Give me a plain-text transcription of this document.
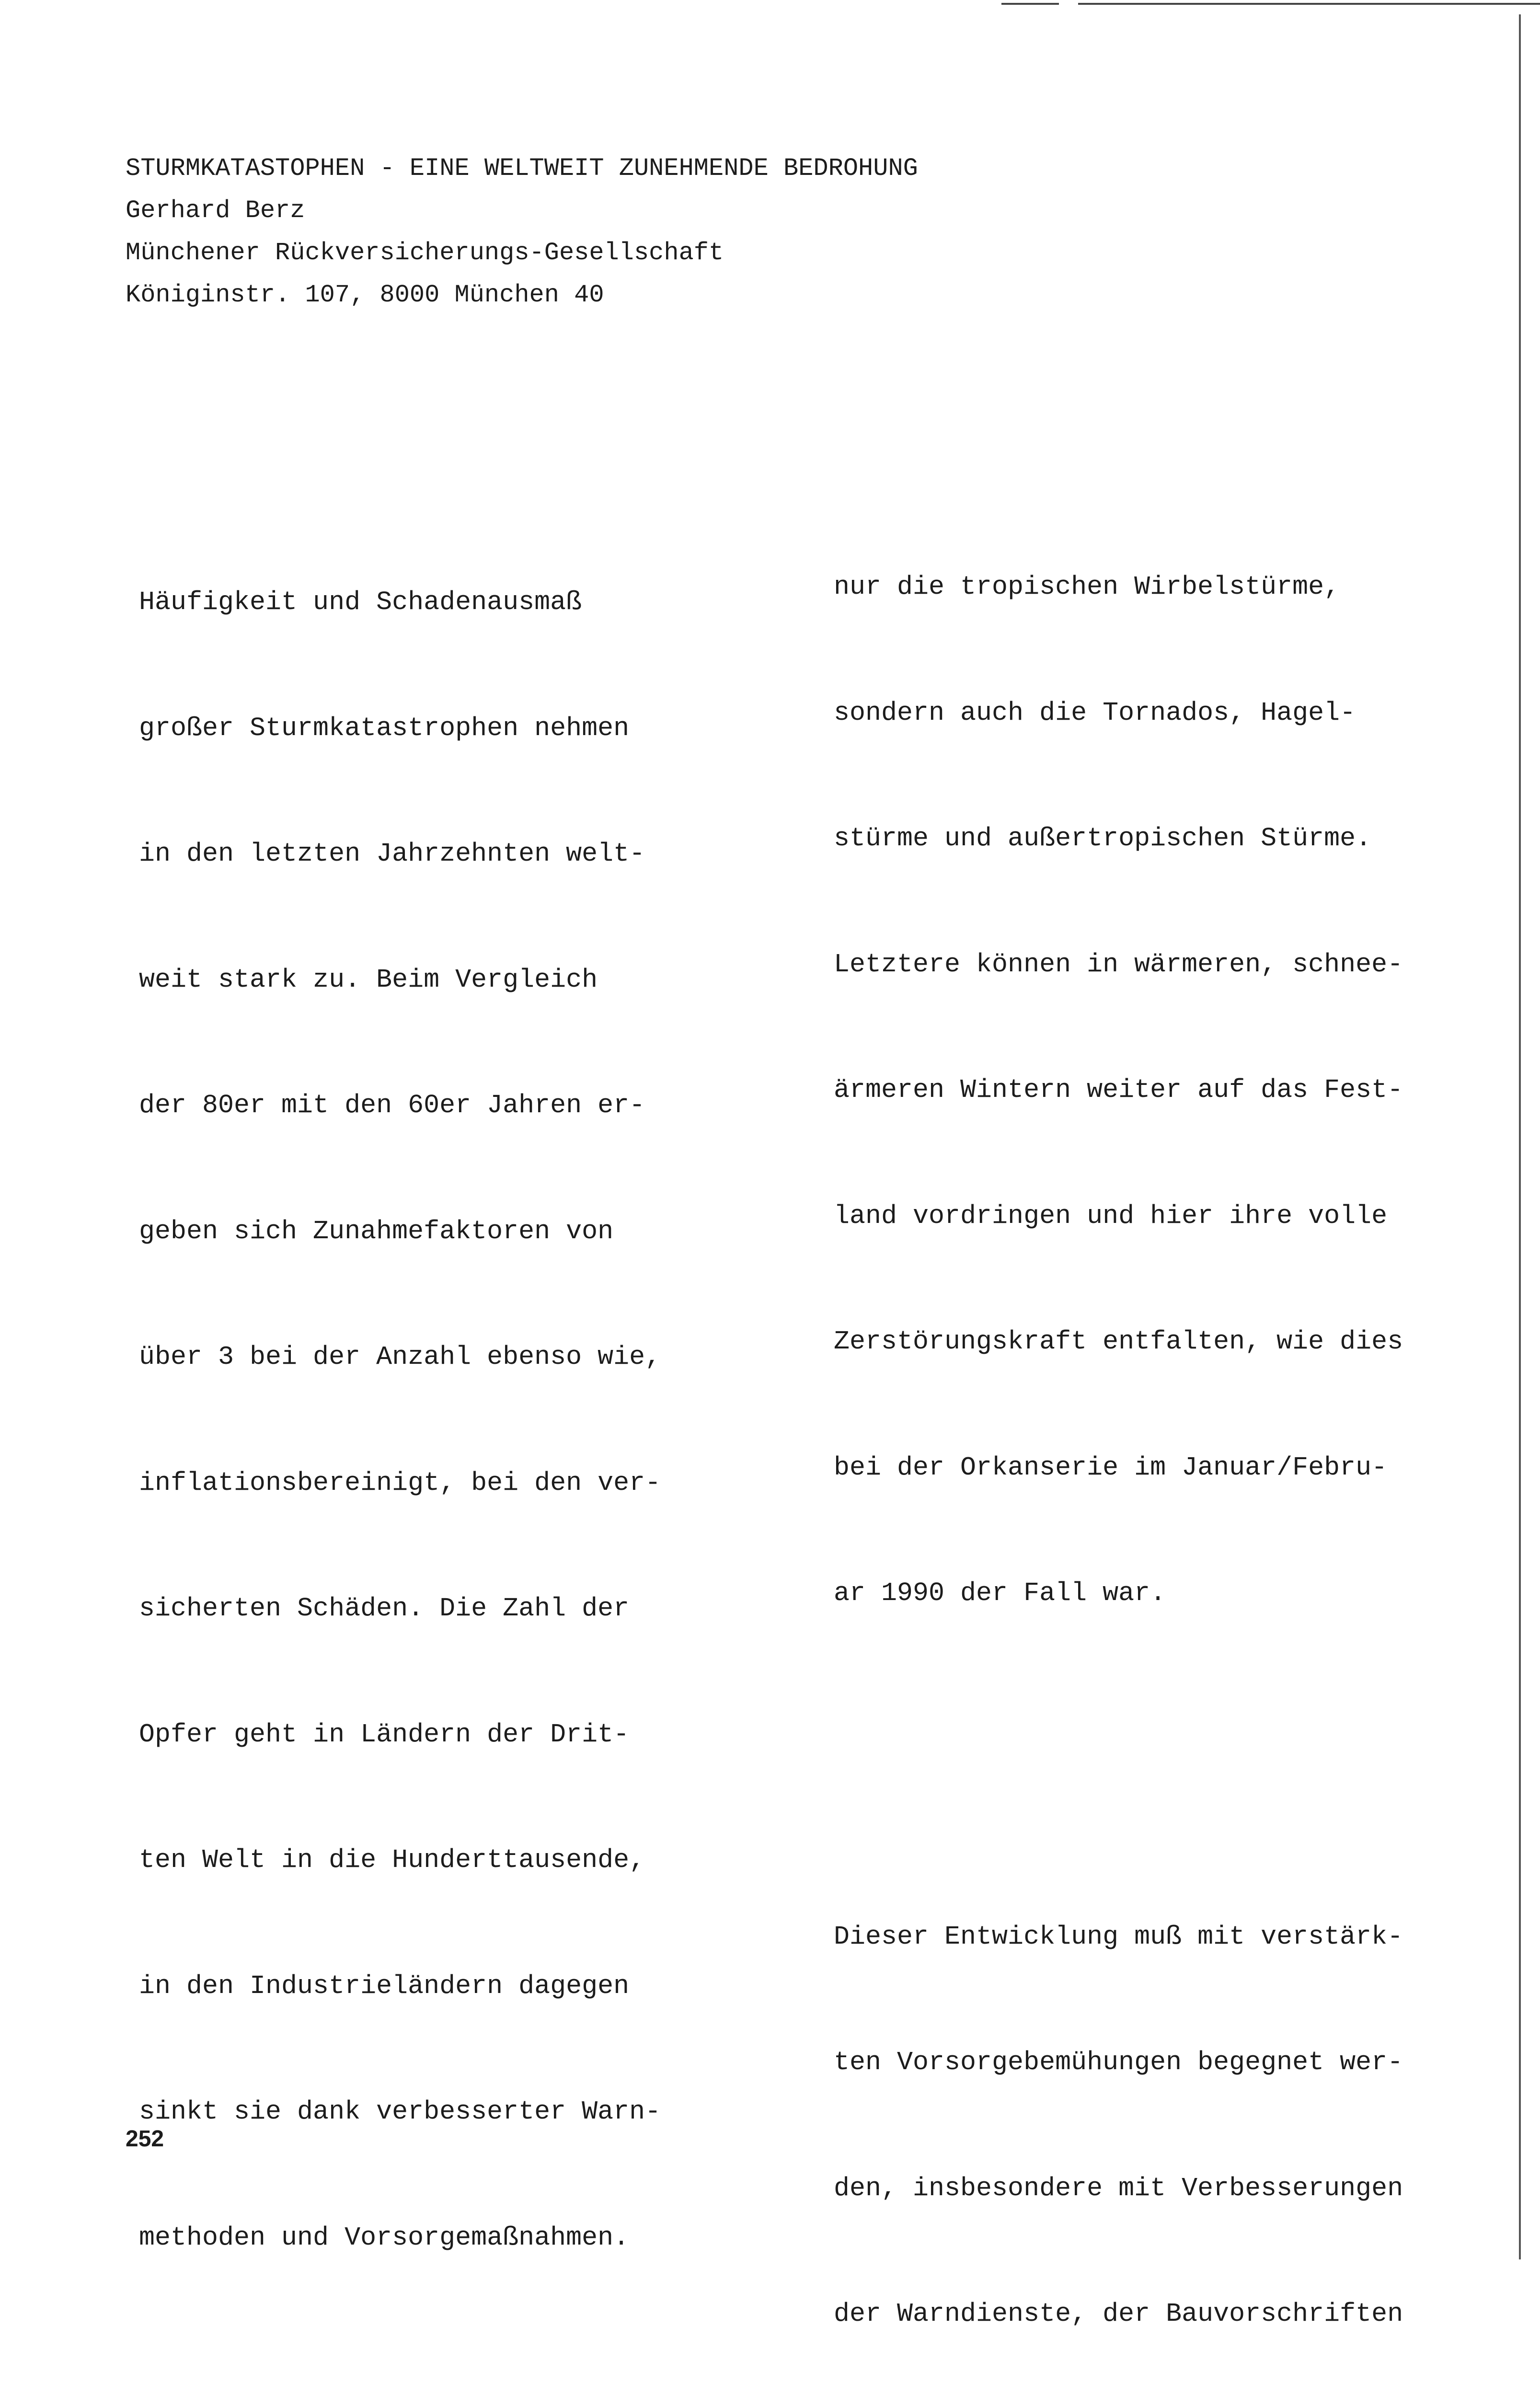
STURMKATASTOPHEN - EINE WELTWEIT ZUNEHMENDE BEDROHUNG
Gerhard Berz
Münchener Rückversicherungs-Gesellschaft
Königinstr. 107, 8000 München 40

Häufigkeit und Schadenausmaß

großer Sturmkatastrophen nehmen

in den letzten Jahrzehnten welt-

weit stark zu. Beim Vergleich

der 80er mit den 60er Jahren er-

geben sich Zunahmefaktoren von

über 3 bei der Anzahl ebenso wie,

inflationsbereinigt, bei den ver-

sicherten Schäden. Die Zahl der

Opfer geht in Ländern der Drit-

ten Welt in die Hunderttausende,

in den Industrieländern dagegen

sinkt sie dank verbesserter Warn-

methoden und Vorsorgemaßnahmen.

nur die tropischen Wirbelstürme,

sondern auch die Tornados, Hagel-

stürme und außertropischen Stürme.

Letztere können in wärmeren, schnee-

ärmeren Wintern weiter auf das Fest-

land vordringen und hier ihre volle

Zerstörungskraft entfalten, wie dies

bei der Orkanserie im Januar/Febru-

ar 1990 der Fall war.

Dieser Entwicklung muß mit verstärk-

ten Vorsorgebemühungen begegnet wer-

den, insbesondere mit Verbesserungen

der Warndienste, der Bauvorschriften

252
